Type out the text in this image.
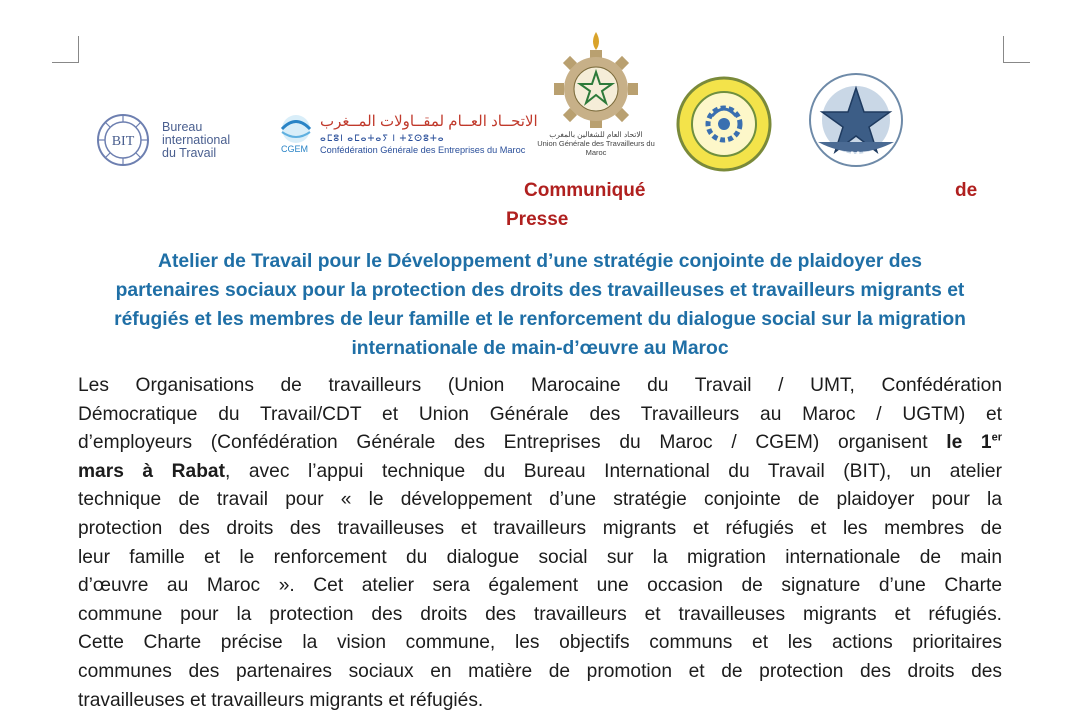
BIT
Bureau
international
du Travail	CGEM
الاتحــاد العــام لمقــاولات المــغرب
ⴰⵎⵓⵏ ⴰⵎⴰⵜⴰⵢ ⵏ ⵜⵉⵙⵓⵜⴰ
Confédération Générale des Entreprises du Maroc
الاتحاد العام للشغالين بالمغرب
Union Générale des Travailleurs du Maroc	UMT
Communiqué	de
Presse
Atelier de Travail pour le Développement d’une stratégie conjointe de plaidoyer des
partenaires sociaux pour la protection des droits des travailleuses et travailleurs migrants et
réfugiés et les membres de leur famille et le renforcement du dialogue social sur la migration
internationale de main-d’œuvre au Maroc
Les Organisations de travailleurs (Union Marocaine du Travail / UMT, Confédération
Démocratique du Travail/CDT et Union Générale des Travailleurs au Maroc / UGTM) et
d’employeurs (Confédération Générale des Entreprises du Maroc / CGEM) organisent le 1er
mars à Rabat, avec l’appui technique du Bureau International du Travail (BIT), un atelier
technique de travail pour « le développement d’une stratégie conjointe de plaidoyer pour la
protection des droits des travailleuses et travailleurs migrants et réfugiés et les membres de
leur famille et le renforcement du dialogue social sur la migration internationale de main
d’œuvre au Maroc ». Cet atelier sera également une occasion de signature d’une Charte
commune pour la protection des droits des travailleurs et travailleuses migrants et réfugiés.
Cette Charte précise la vision commune, les objectifs communs et les actions prioritaires
communes des partenaires sociaux en matière de promotion et de protection des droits des
travailleuses et travailleurs migrants et réfugiés.
